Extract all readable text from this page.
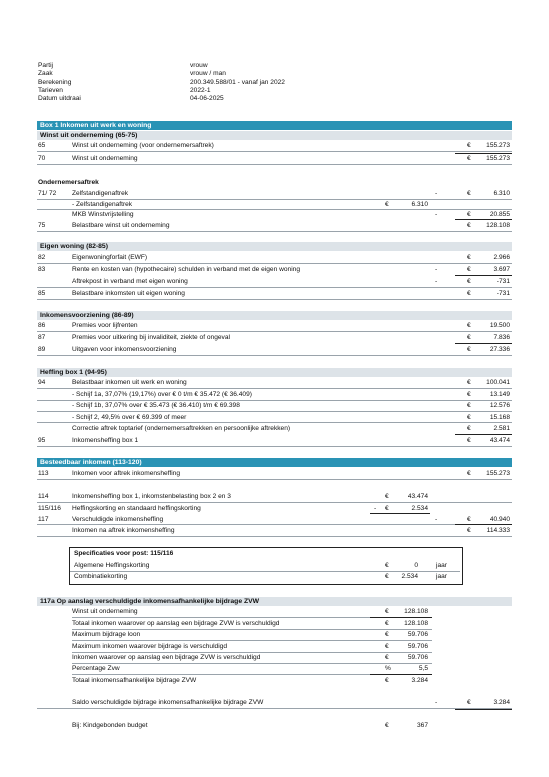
Partij	vrouw
Zaak	vrouw / man
Berekening	200.349.588/01 - vanaf jan 2022
Tarieven	2022-1
Datum uitdraai	04-06-2025
Box 1 Inkomen uit werk en woning
Winst uit onderneming (65-75)
65	Winst uit onderneming (voor ondernemersaftrek)	€	155.273
70	Winst uit onderneming	€	155.273
Ondernemersaftrek
71/ 72 Zelfstandigenaftrek	-	€	6.310
- Zelfstandigenaftrek	€	6.310
MKB Winstvrijstelling	-	€	20.855
75	Belastbare winst uit onderneming	€	128.108
Eigen woning (82-85)
82	Eigenwoningforfait (EWF)	€	2.966
83	Rente en kosten van (hypothecaire) schulden in verband met de eigen woning	-	€	3.697
Aftrekpost in verband met eigen woning	-	€	-731
85	Belastbare inkomsten uit eigen woning	€	-731
Inkomensvoorziening (86-89)
86	Premies voor lijfrenten	€	19.500
87	Premies voor uitkering bij invaliditeit, ziekte of ongeval	€	7.836
89	Uitgaven voor inkomensvoorziening	€	27.336
Heffing box 1 (94-95)
94	Belastbaar inkomen uit werk en woning	€	100.041
- Schijf 1a, 37,07% (19,17%) over € 0 t/m € 35.472 (€ 36.409)	€	13.149
- Schijf 1b, 37,07% over € 35.473 (€ 36.410) t/m € 69.398	€	12.576
- Schijf 2, 49,5% over € 69.399 of meer	€	15.168
Correctie aftrek toptarief (ondernemersaftrekken en persoonlijke aftrekken)	€	2.581
95	Inkomensheffing box 1	€	43.474
Besteedbaar inkomen (113-120)
113	Inkomen voor aftrek inkomensheffing	€	155.273
114	Inkomensheffing box 1, inkomstenbelasting box 2 en 3	€	43.474
115/116 Heffingskorting en standaard heffingskorting	- €	2.534
117	Verschuldigde inkomensheffing	-	€	40.940
Inkomen na aftrek inkomensheffing	€	114.333
Specificaties voor post: 115/116
Algemene Heffingskorting	€	0	jaar
Combinatiekorting	€	2.534	jaar
117a Op aanslag verschuldigde inkomensafhankelijke bijdrage ZVW
Winst uit onderneming	€	128.108
Totaal inkomen waarover op aanslag een bijdrage ZVW is verschuldigd	€	128.108
Maximum bijdrage loon	€	59.706
Maximum inkomen waarover bijdrage is verschuldigd	€	59.706
Inkomen waarover op aanslag een bijdrage ZVW is verschuldigd	€	59.706
Percentage Zvw	%	5,5
Totaal inkomensafhankelijke bijdrage ZVW	€	3.284
Saldo verschuldigde bijdrage inkomensafhankelijke bijdrage ZVW	-	€	3.284
Bij: Kindgebonden budget	€	367
